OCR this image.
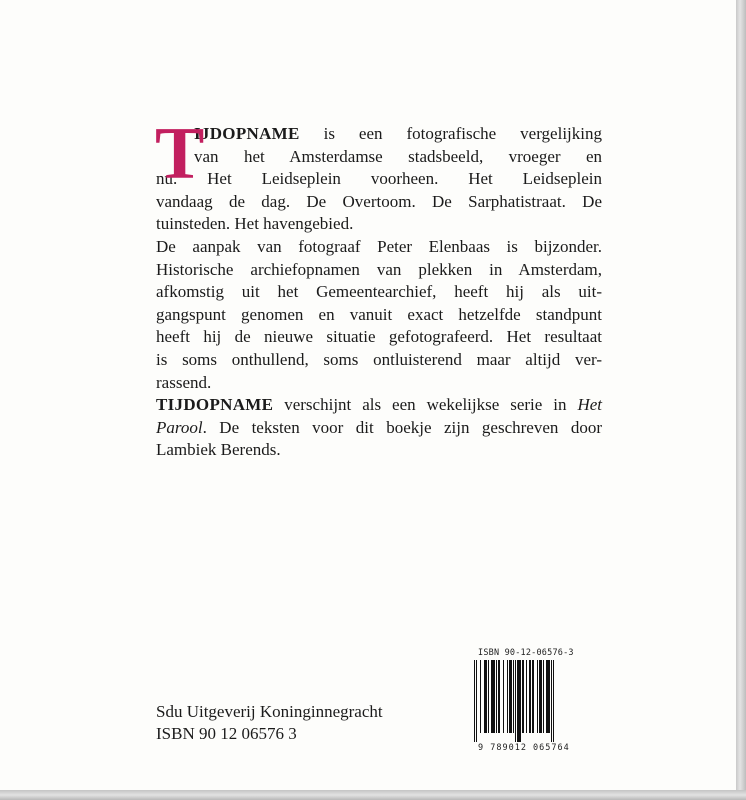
T

IJDOPNAME is een fotografische vergelijking
van het Amsterdamse stadsbeeld, vroeger en
nu. Het Leidseplein voorheen. Het Leidseplein
vandaag de dag. De Overtoom. De Sarphatistraat. De
tuinsteden. Het havengebied.

De aanpak van fotograaf Peter Elenbaas is bijzonder.
Historische archiefopnamen van plekken in Amsterdam,
afkomstig uit het Gemeentearchief, heeft hij als uit-
gangspunt genomen en vanuit exact hetzelfde standpunt
heeft hij de nieuwe situatie gefotografeerd. Het resultaat
is soms onthullend, soms ontluisterend maar altijd ver-
rassend.

TIJDOPNAME verschijnt als een wekelijkse serie in Het
Parool. De teksten voor dit boekje zijn geschreven door
Lambiek Berends.

Sdu Uitgeverij Koninginnegracht
ISBN 90 12 06576 3
ISBN 90-12-06576-3
9 789012 065764
